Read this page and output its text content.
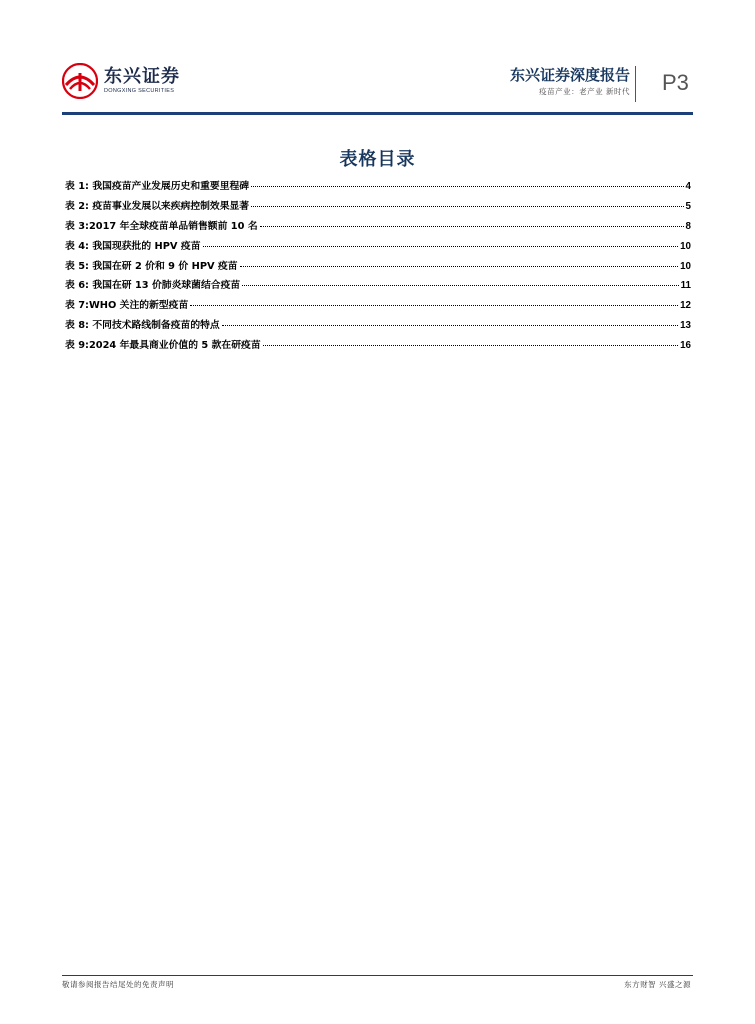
东兴证券
DONGXING SECURITIES
东兴证券深度报告
疫苗产业：老产业 新时代 P3
表格目录
表 1: 我国疫苗产业发展历史和重要里程碑	4
表 2: 疫苗事业发展以来疾病控制效果显著	5
表 3:2017 年全球疫苗单品销售额前 10 名	8
表 4: 我国现获批的 HPV 疫苗	10
表 5: 我国在研 2 价和 9 价 HPV 疫苗	10
表 6: 我国在研 13 价肺炎球菌结合疫苗	11
表 7:WHO 关注的新型疫苗	12
表 8: 不同技术路线制备疫苗的特点	13
表 9:2024 年最具商业价值的 5 款在研疫苗	16
敬请参阅报告结尾处的免责声明	东方财智 兴盛之源
